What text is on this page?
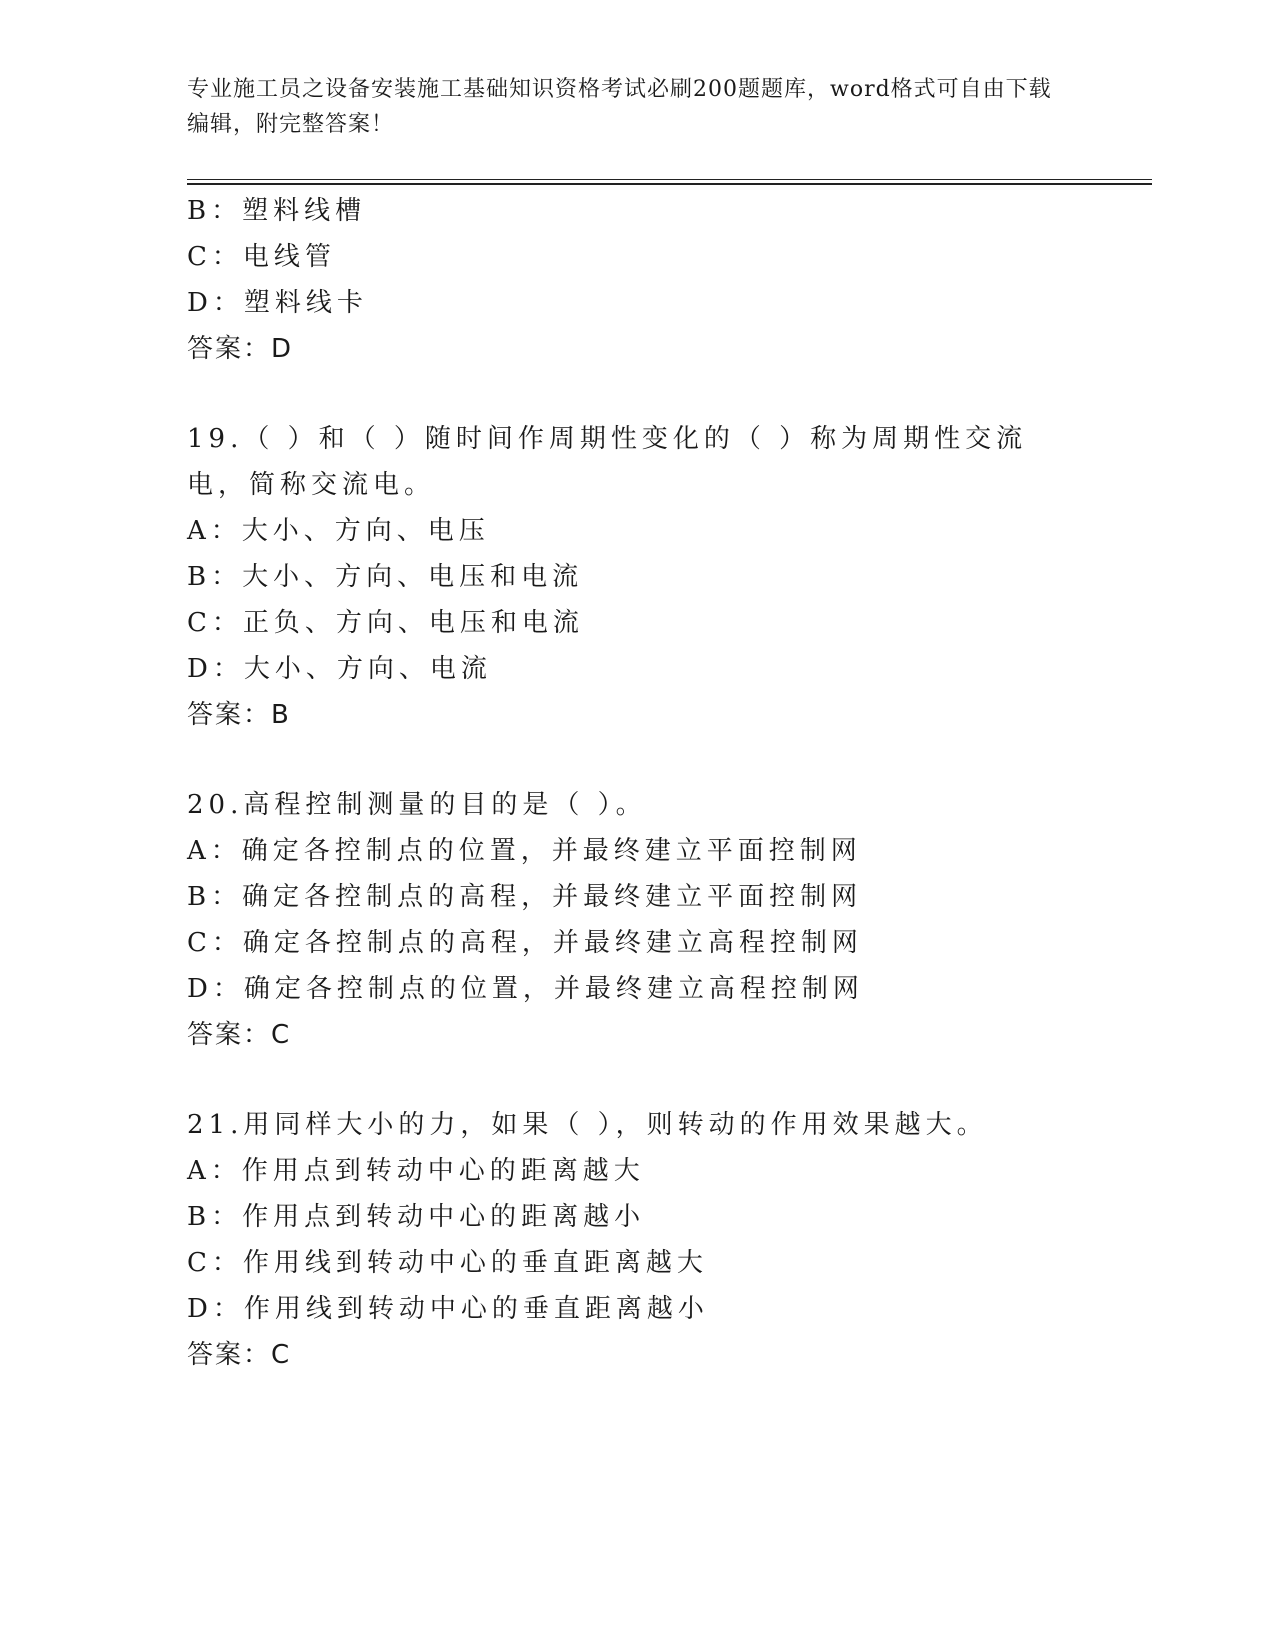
专业施工员之设备安装施工基础知识资格考试必刷200题题库，word格式可自由下载编辑，附完整答案！
B：塑料线槽
C：电线管
D：塑料线卡
答案：D
19.（ ）和（ ）随时间作周期性变化的（ ）称为周期性交流电，简称交流电。
A：大小、方向、电压
B：大小、方向、电压和电流
C：正负、方向、电压和电流
D：大小、方向、电流
答案：B
20.高程控制测量的目的是（ ）。
A：确定各控制点的位置，并最终建立平面控制网
B：确定各控制点的高程，并最终建立平面控制网
C：确定各控制点的高程，并最终建立高程控制网
D：确定各控制点的位置，并最终建立高程控制网
答案：C
21.用同样大小的力，如果（ ），则转动的作用效果越大。
A：作用点到转动中心的距离越大
B：作用点到转动中心的距离越小
C：作用线到转动中心的垂直距离越大
D：作用线到转动中心的垂直距离越小
答案：C
